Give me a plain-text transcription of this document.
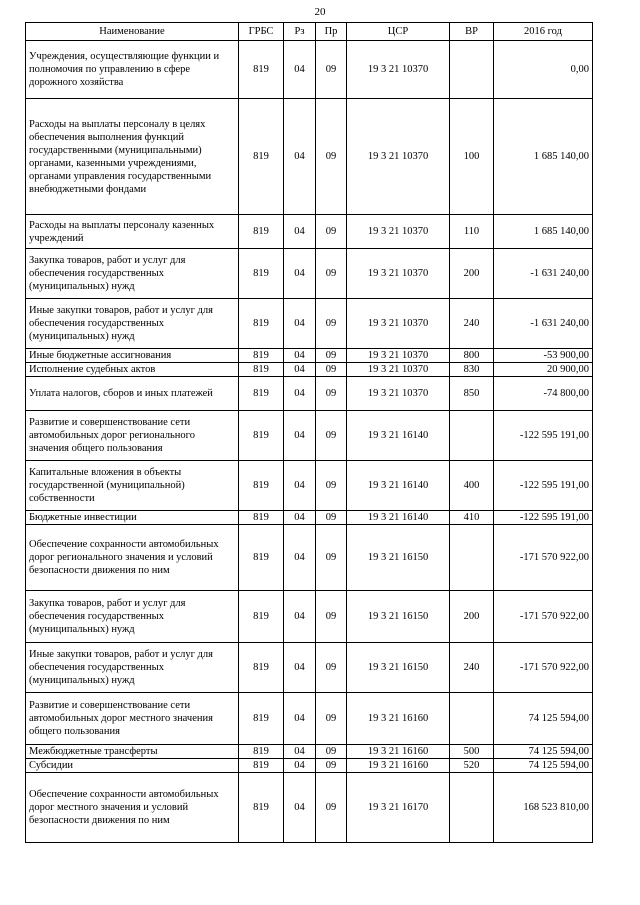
20
Наименование	ГРБС	Рз	Пр	ЦСР	ВР	2016 год
Учреждения, осуществляющие функции и полномочия по управлению в сфере дорожного хозяйства	819	04	09	19 3 21 10370		0,00
Расходы на выплаты персоналу в целях обеспечения выполнения функций государственными (муниципальными) органами, казенными учреждениями, органами управления государственными внебюджетными фондами	819	04	09	19 3 21 10370	100	1 685 140,00
Расходы на выплаты персоналу казенных учреждений	819	04	09	19 3 21 10370	110	1 685 140,00
Закупка товаров, работ и услуг для обеспечения государственных (муниципальных) нужд	819	04	09	19 3 21 10370	200	-1 631 240,00
Иные закупки товаров, работ и услуг для обеспечения государственных (муниципальных) нужд	819	04	09	19 3 21 10370	240	-1 631 240,00
Иные бюджетные ассигнования	819	04	09	19 3 21 10370	800	-53 900,00
Исполнение судебных актов	819	04	09	19 3 21 10370	830	20 900,00
Уплата налогов, сборов и иных платежей	819	04	09	19 3 21 10370	850	-74 800,00
Развитие и совершенствование сети автомобильных дорог регионального значения общего пользования	819	04	09	19 3 21 16140		-122 595 191,00
Капитальные вложения в объекты государственной (муниципальной) собственности	819	04	09	19 3 21 16140	400	-122 595 191,00
Бюджетные инвестиции	819	04	09	19 3 21 16140	410	-122 595 191,00
Обеспечение сохранности автомобильных дорог регионального значения и условий безопасности движения по ним	819	04	09	19 3 21 16150		-171 570 922,00
Закупка товаров, работ и услуг для обеспечения государственных (муниципальных) нужд	819	04	09	19 3 21 16150	200	-171 570 922,00
Иные закупки товаров, работ и услуг для обеспечения государственных (муниципальных) нужд	819	04	09	19 3 21 16150	240	-171 570 922,00
Развитие и совершенствование сети автомобильных дорог местного значения общего пользования	819	04	09	19 3 21 16160		74 125 594,00
Межбюджетные трансферты	819	04	09	19 3 21 16160	500	74 125 594,00
Субсидии	819	04	09	19 3 21 16160	520	74 125 594,00
Обеспечение сохранности автомобильных дорог местного значения и условий безопасности движения по ним	819	04	09	19 3 21 16170		168 523 810,00
